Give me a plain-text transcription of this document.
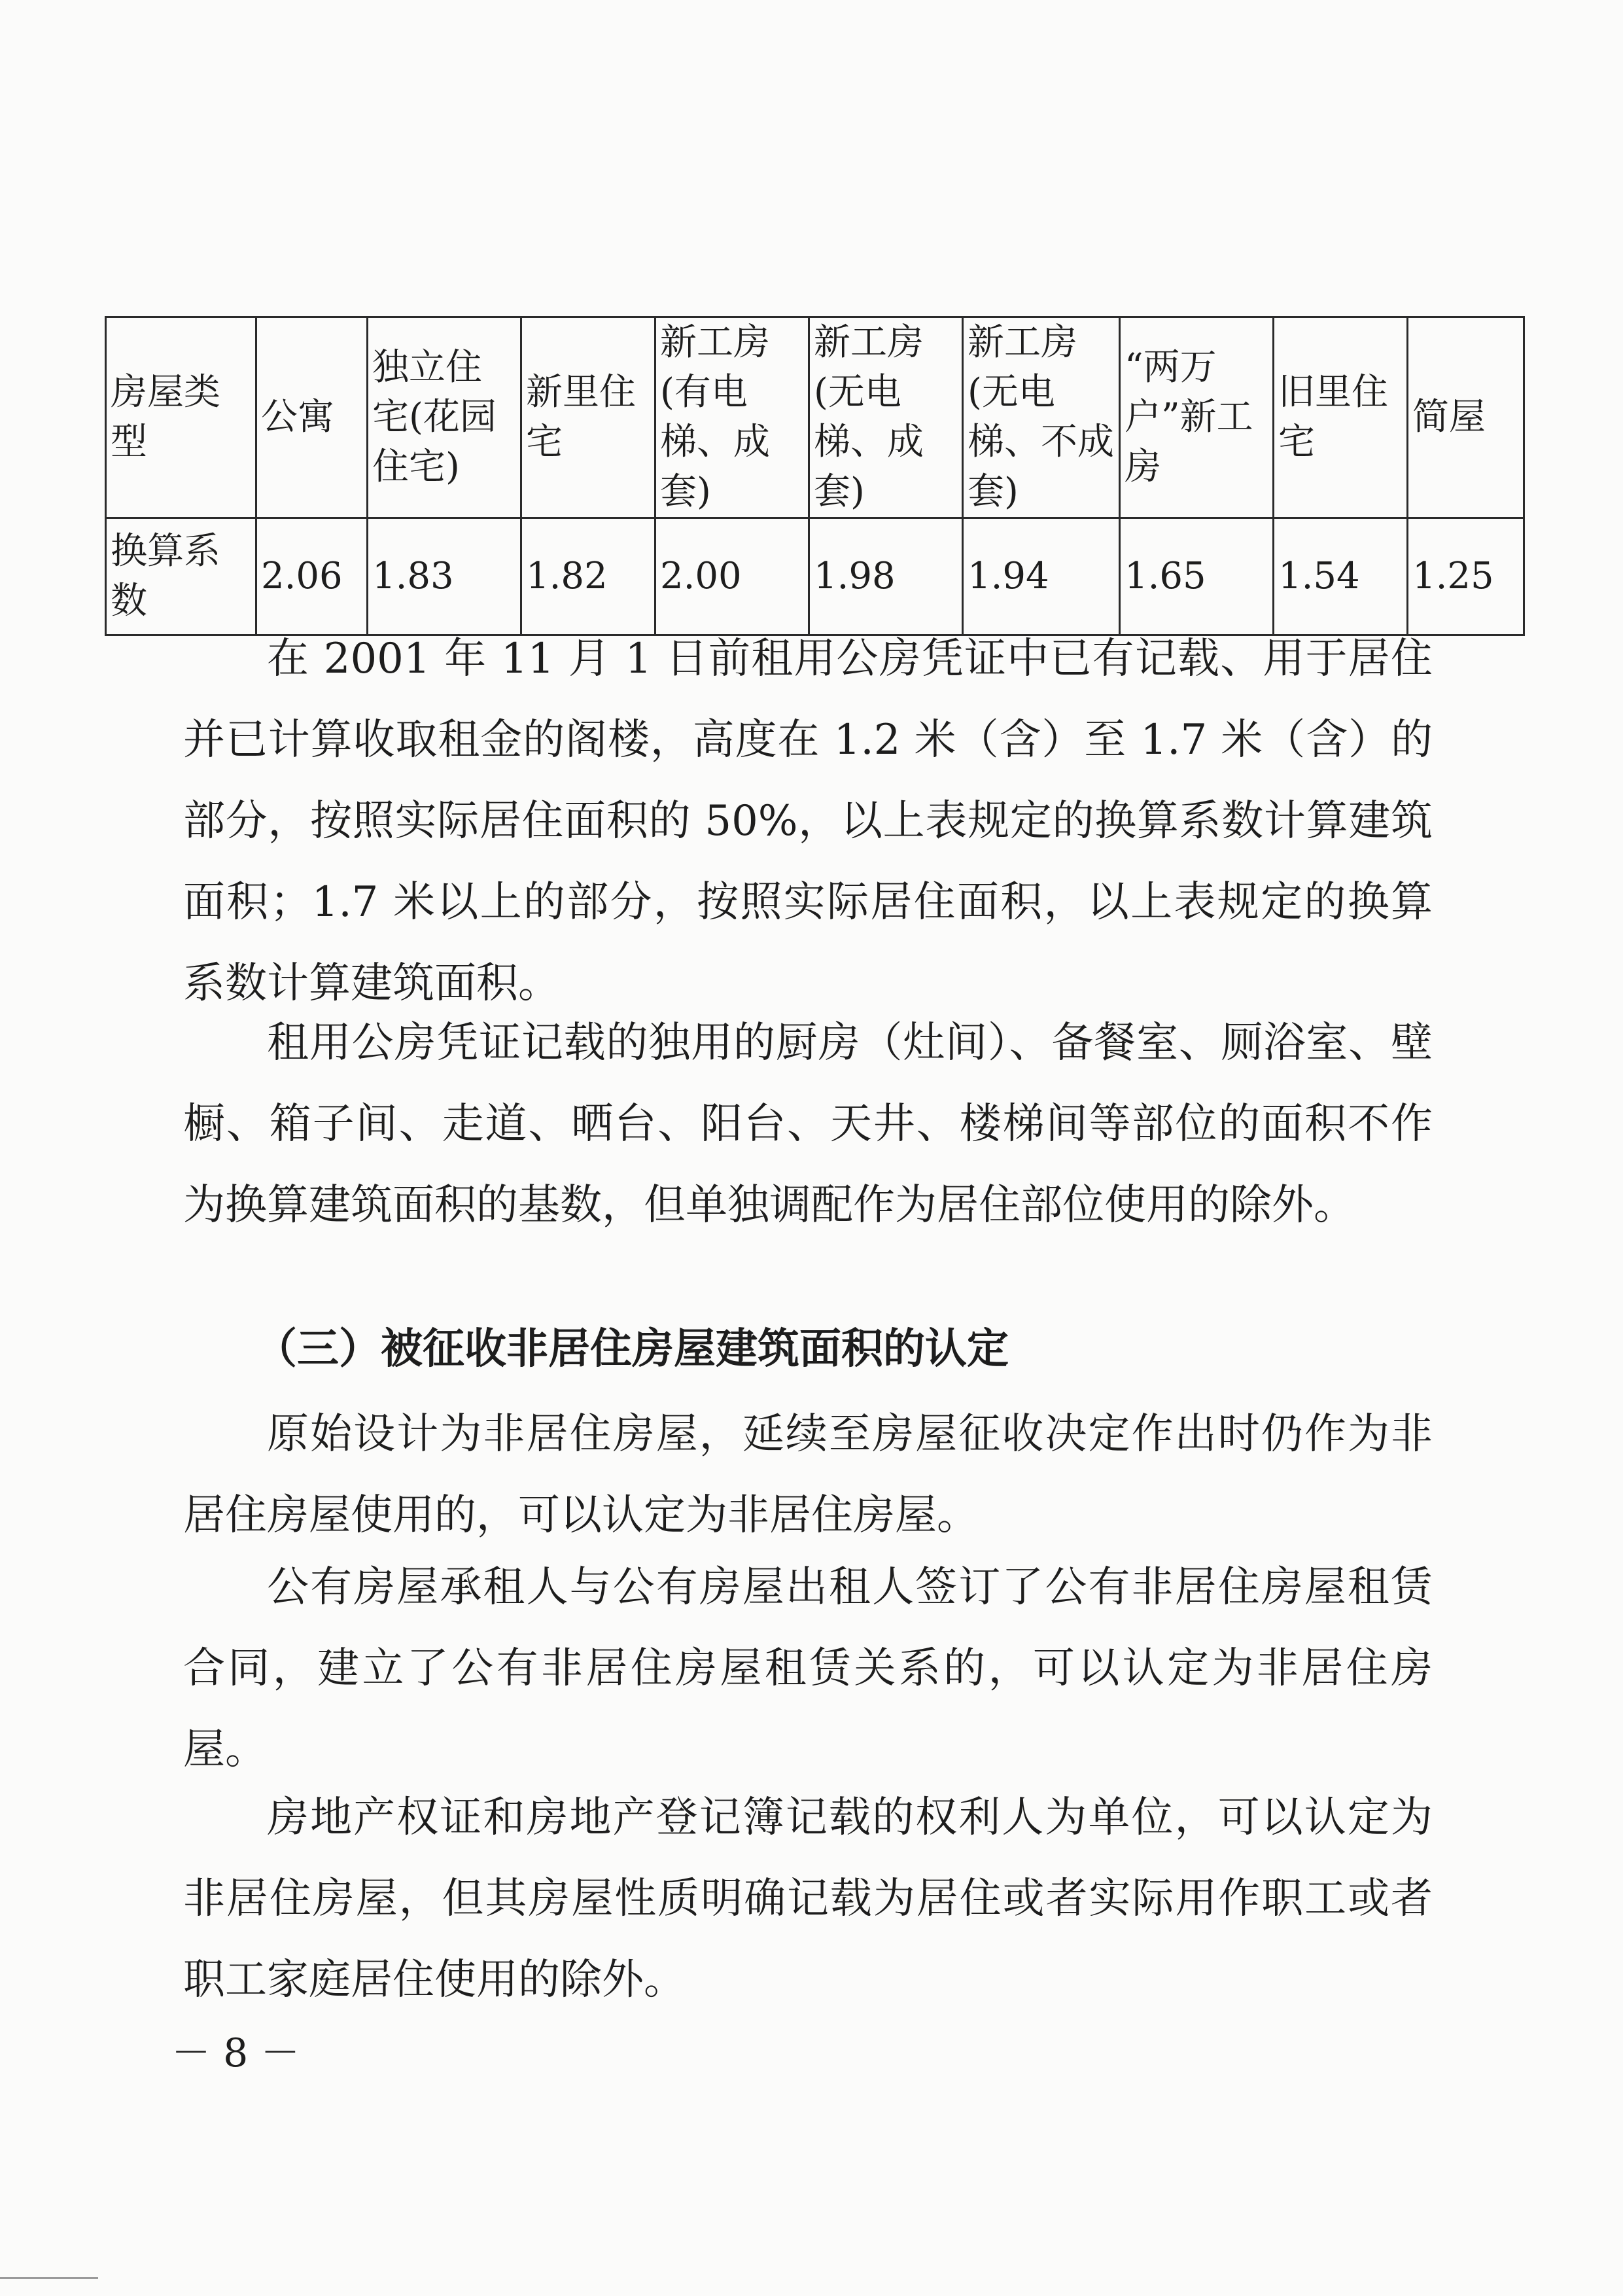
房屋类
型	公寓	独立住
宅(花园
住宅)	新里住
宅	新工房
(有电
梯、成
套)	新工房
(无电
梯、成
套)	新工房
(无电
梯、不成
套)	“两万
户”新工
房	旧里住
宅	简屋

换算系
数	2.06	1.83	1.82	2.00	1.98	1.94	1.65	1.54	1.25

在 2001 年 11 月 1 日前租用公房凭证中已有记载、用于居住并已计算收取租金的阁楼，高度在 1.2 米（含）至 1.7 米（含）的部分，按照实际居住面积的 50%，以上表规定的换算系数计算建筑面积；1.7 米以上的部分，按照实际居住面积，以上表规定的换算系数计算建筑面积。

租用公房凭证记载的独用的厨房（灶间）、备餐室、厕浴室、壁橱、箱子间、走道、晒台、阳台、天井、楼梯间等部位的面积不作为换算建筑面积的基数，但单独调配作为居住部位使用的除外。

（三）被征收非居住房屋建筑面积的认定

原始设计为非居住房屋，延续至房屋征收决定作出时仍作为非居住房屋使用的，可以认定为非居住房屋。

公有房屋承租人与公有房屋出租人签订了公有非居住房屋租赁合同，建立了公有非居住房屋租赁关系的，可以认定为非居住房屋。

房地产权证和房地产登记簿记载的权利人为单位，可以认定为非居住房屋，但其房屋性质明确记载为居住或者实际用作职工或者职工家庭居住使用的除外。

－ 8 －
